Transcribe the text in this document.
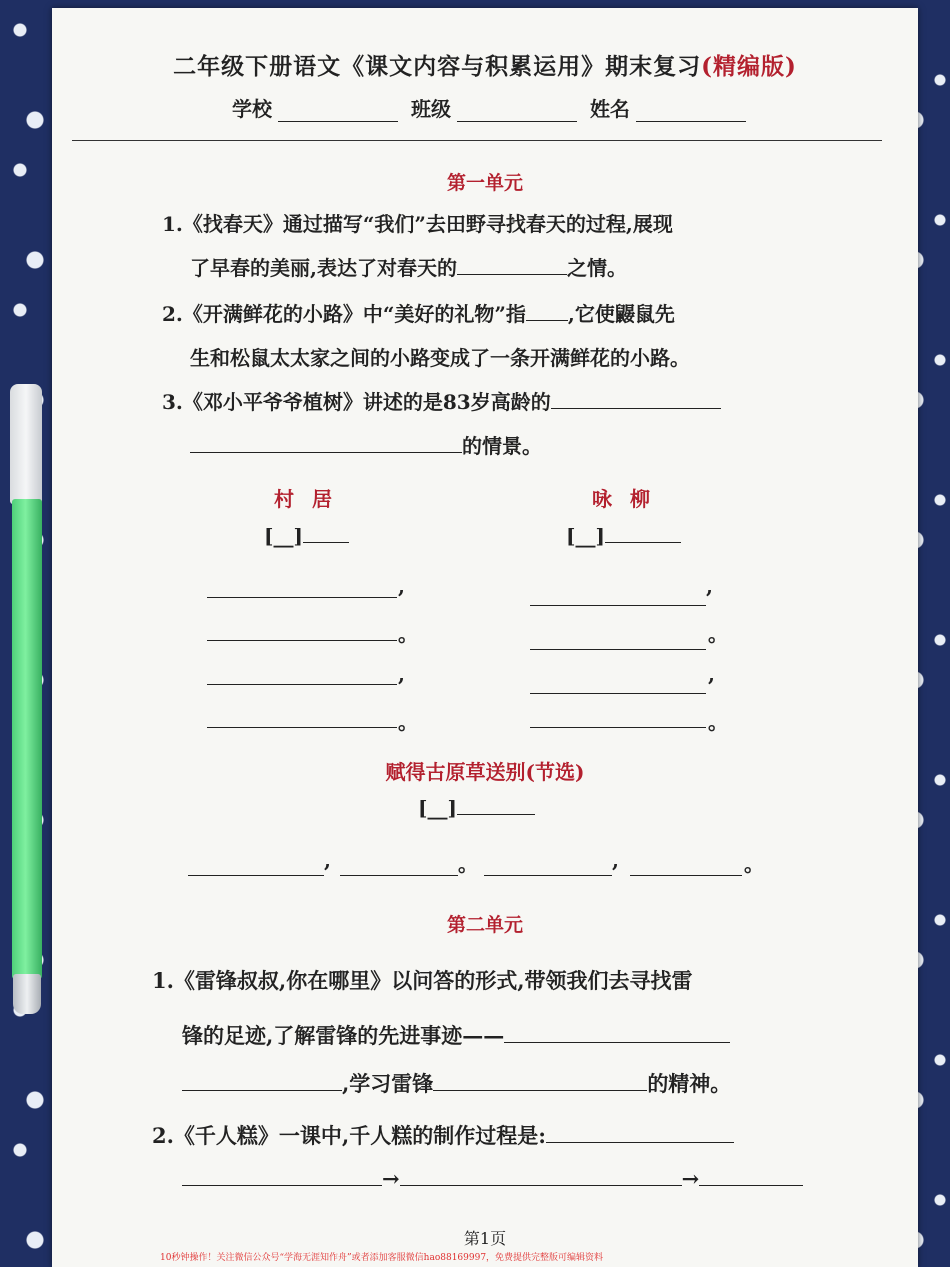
二年级下册语文《课文内容与积累运用》期末复习(精编版)
学校	班级	姓名
第一单元
1.《找春天》通过描写“我们”去田野寻找春天的过程,展现
了早春的美丽,表达了对春天的	之情。
2.《开满鲜花的小路》中“美好的礼物”指 ,它使鼹鼠先
生和松鼠太太家之间的小路变成了一条开满鲜花的小路。
3.《邓小平爷爷植树》讲述的是83岁高龄的
的情景。
村居
[__]
,
。
,
。
咏柳
[__]
,
。
,
。
赋得古原草送别(节选)
[__]
,	。	,	。
第二单元
1.《雷锋叔叔,你在哪里》以问答的形式,带领我们去寻找雷
锋的足迹,了解雷锋的先进事迹——
,学习雷锋	的精神。
2.《千人糕》一课中,千人糕的制作过程是:
→	→
第1页
10秒钟操作！关注微信公众号“学海无涯知作舟”或者添加客服微信hao88169997，免费提供完整版可编辑资料
